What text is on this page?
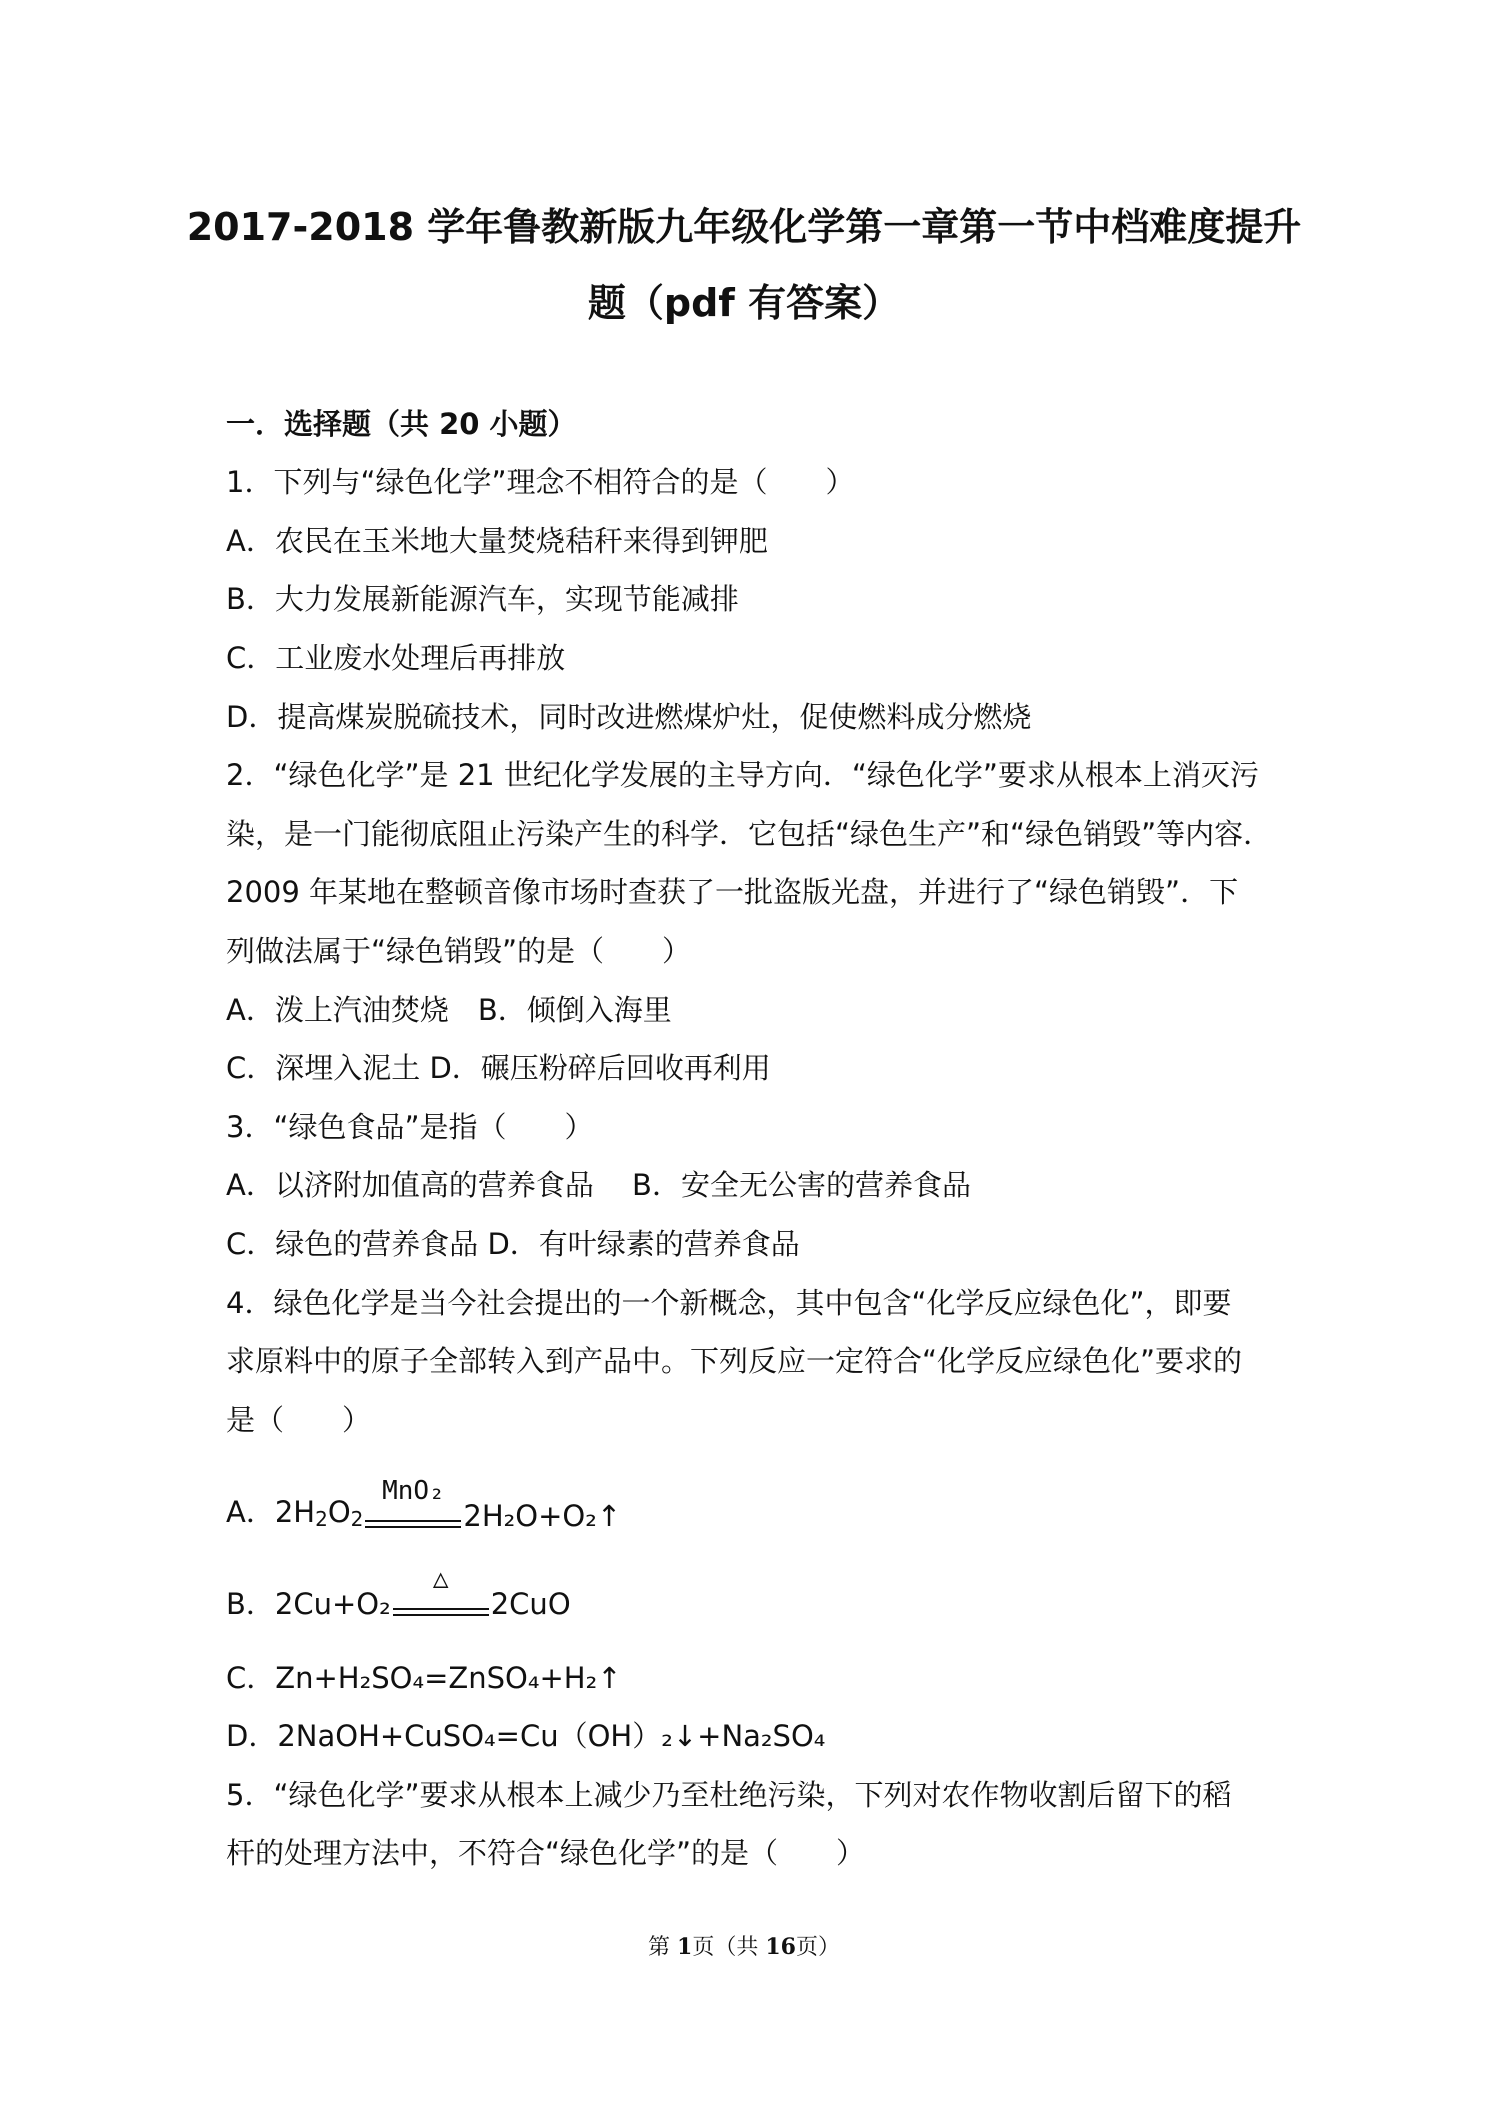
2017-2018 学年鲁教新版九年级化学第一章第一节中档难度提升
题（pdf 有答案）
一．选择题（共 20 小题）
1．下列与“绿色化学”理念不相符合的是（　　）
A．农民在玉米地大量焚烧秸秆来得到钾肥
B．大力发展新能源汽车，实现节能减排
C．工业废水处理后再排放
D．提高煤炭脱硫技术，同时改进燃煤炉灶，促使燃料成分燃烧
2．“绿色化学”是 21 世纪化学发展的主导方向．“绿色化学”要求从根本上消灭污
染，是一门能彻底阻止污染产生的科学．它包括“绿色生产”和“绿色销毁”等内容．
2009 年某地在整顿音像市场时查获了一批盗版光盘，并进行了“绿色销毁”．下
列做法属于“绿色销毁”的是（　　）
A．泼上汽油焚烧　B．倾倒入海里
C．深埋入泥土 D．碾压粉碎后回收再利用
3．“绿色食品”是指（　　）
A．以济附加值高的营养食品　 B．安全无公害的营养食品
C．绿色的营养食品 D．有叶绿素的营养食品
4．绿色化学是当今社会提出的一个新概念，其中包含“化学反应绿色化”，即要
求原料中的原子全部转入到产品中。下列反应一定符合“化学反应绿色化”要求的
是（　　）
A．$2H_2O_2$
MnO₂
2H₂O+O₂↑
B．2Cu+O₂
△
2CuO
C．Zn+H₂SO₄=ZnSO₄+H₂↑
D．2NaOH+CuSO₄=Cu（OH）₂↓+Na₂SO₄
5．“绿色化学”要求从根本上减少乃至杜绝污染，下列对农作物收割后留下的稻
杆的处理方法中，不符合“绿色化学”的是（　　）
第 1页（共 16页）
